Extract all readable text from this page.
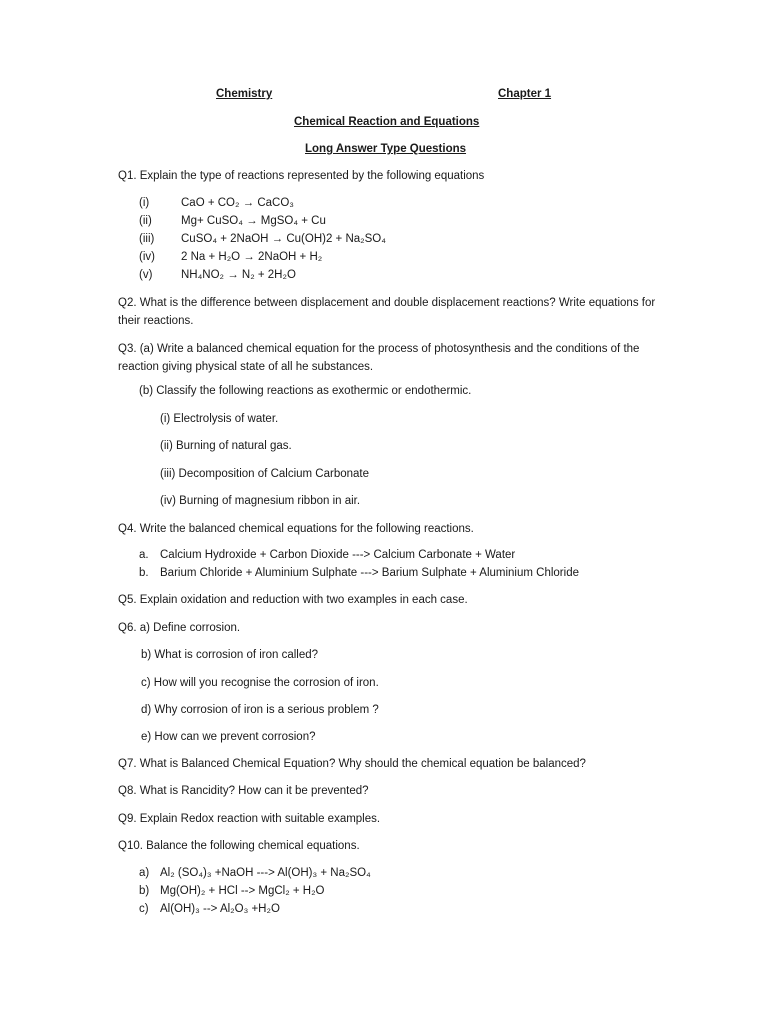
Chemistry	Chapter 1
Chemical Reaction and Equations
Long Answer Type Questions
Q1. Explain the type of reactions represented by the following equations
(i)	CaO + CO₂ → CaCO₃
(ii)	Mg+ CuSO₄ → MgSO₄ + Cu
(iii) CuSO₄ + 2NaOH → Cu(OH)2 + Na₂SO₄
(iv) 2 Na + H₂O → 2NaOH + H₂
(v) NH₄NO₂ → N₂ + 2H₂O
Q2. What is the difference between displacement and double displacement reactions? Write equations for their reactions.
Q3. (a) Write a balanced chemical equation for the process of photosynthesis and the conditions of the reaction giving physical state of all he substances.
(b) Classify the following reactions as exothermic or endothermic.
(i) Electrolysis of water.
(ii) Burning of natural gas.
(iii) Decomposition of Calcium Carbonate
(iv) Burning of magnesium ribbon in air.
Q4. Write the balanced chemical equations for the following reactions.
a. Calcium Hydroxide + Carbon Dioxide ---> Calcium Carbonate + Water
b. Barium Chloride + Aluminium Sulphate ---> Barium Sulphate + Aluminium Chloride
Q5. Explain oxidation and reduction with two examples in each case.
Q6. a) Define corrosion.
b) What is corrosion of iron called?
c) How will you recognise the corrosion of iron.
d) Why corrosion of iron is a serious problem ?
e) How can we prevent corrosion?
Q7. What is Balanced Chemical Equation? Why should the chemical equation be balanced?
Q8. What is Rancidity? How can it be prevented?
Q9. Explain Redox reaction with suitable examples.
Q10. Balance the following chemical equations.
a) Al₂ (SO₄)₃ +NaOH ---> Al(OH)₃ + Na₂SO₄
b) Mg(OH)₂ + HCl --> MgCl₂ + H₂O
c) Al(OH)₃ --> Al₂O₃ +H₂O
